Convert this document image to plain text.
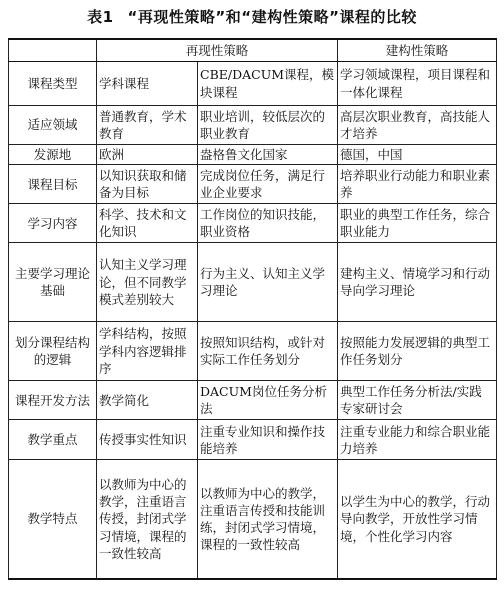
表1 “再现性策略”和“建构性策略”课程的比较
	再现性策略		建构性策略
课程类型	学科课程	CBE/DACUM课程，模块课程	学习领域课程，项目课程和一体化课程
适应领域	普通教育，学术教育	职业培训，较低层次的职业教育	高层次职业教育，高技能人才培养
发源地	欧洲	盎格鲁文化国家	德国，中国
课程目标	以知识获取和储备为目标	完成岗位任务，满足行业企业要求	培养职业行动能力和职业素养
学习内容	科学、技术和文化知识	工作岗位的知识技能，职业资格	职业的典型工作任务，综合职业能力
主要学习理论基础	认知主义学习理论，但不同教学模式差别较大	行为主义、认知主义学习理论	建构主义、情境学习和行动导向学习理论
划分课程结构的逻辑	学科结构，按照学科内容逻辑排序	按照知识结构，或针对实际工作任务划分	按照能力发展逻辑的典型工作任务划分
课程开发方法	教学简化	DACUM岗位任务分析法	典型工作任务分析法/实践专家研讨会
教学重点	传授事实性知识	注重专业知识和操作技能培养	注重专业能力和综合职业能力培养
教学特点	以教师为中心的教学，注重语言传授，封闭式学习情境，课程的一致性较高	以教师为中心的教学，注重语言传授和技能训练，封闭式学习情境，课程的一致性较高	以学生为中心的教学，行动导向教学，开放性学习情境，个性化学习内容
